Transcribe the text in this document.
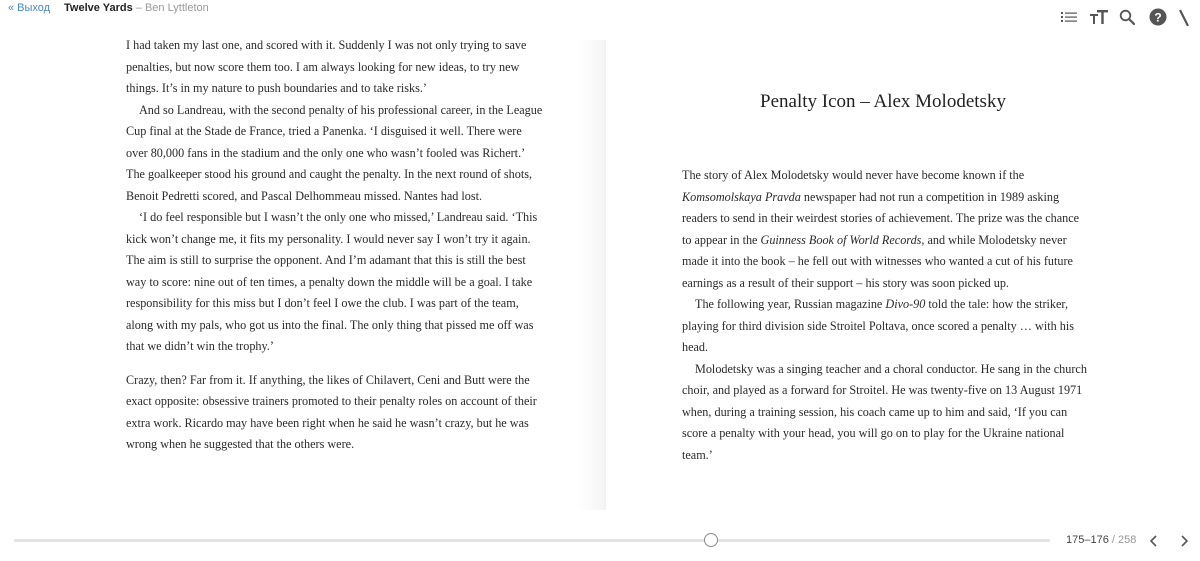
« Выход Twelve Yards – Ben Lyttleton
?

I had taken my last one, and scored with it. Suddenly I was not only trying to save penalties, but now score them too. I am always looking for new ideas, to try new things. It’s in my nature to push boundaries and to take risks.’

And so Landreau, with the second penalty of his professional career, in the League Cup final at the Stade de France, tried a Panenka. ‘I disguised it well. There were over 80,000 fans in the stadium and the only one who wasn’t fooled was Richert.’ The goalkeeper stood his ground and caught the penalty. In the next round of shots, Benoit Pedretti scored, and Pascal Delhommeau missed. Nantes had lost.

‘I do feel responsible but I wasn’t the only one who missed,’ Landreau said. ‘This kick won’t change me, it fits my personality. I would never say I won’t try it again. The aim is still to surprise the opponent. And I’m adamant that this is still the best way to score: nine out of ten times, a penalty down the middle will be a goal. I take responsibility for this miss but I don’t feel I owe the club. I was part of the team, along with my pals, who got us into the final. The only thing that pissed me off was that we didn’t win the trophy.’

Crazy, then? Far from it. If anything, the likes of Chilavert, Ceni and Butt were the exact opposite: obsessive trainers promoted to their penalty roles on account of their extra work. Ricardo may have been right when he said he wasn’t crazy, but he was wrong when he suggested that the others were.

Penalty Icon – Alex Molodetsky

The story of Alex Molodetsky would never have become known if the Komsomolskaya Pravda newspaper had not run a competition in 1989 asking readers to send in their weirdest stories of achievement. The prize was the chance to appear in the Guinness Book of World Records, and while Molodetsky never made it into the book – he fell out with witnesses who wanted a cut of his future earnings as a result of their support – his story was soon picked up.

The following year, Russian magazine Divo-90 told the tale: how the striker, playing for third division side Stroitel Poltava, once scored a penalty … with his head.

Molodetsky was a singing teacher and a choral conductor. He sang in the church choir, and played as a forward for Stroitel. He was twenty-five on 13 August 1971 when, during a training session, his coach came up to him and said, ‘If you can score a penalty with your head, you will go on to play for the Ukraine national team.’

175–176 / 258
